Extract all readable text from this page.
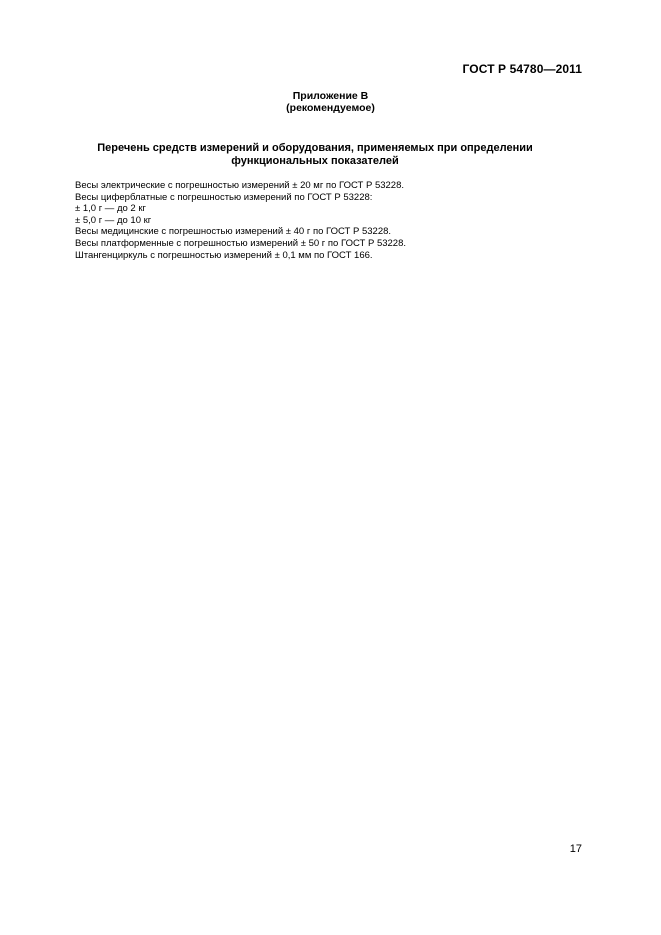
ГОСТ Р 54780—2011
Приложение В
(рекомендуемое)
Перечень средств измерений и оборудования, применяемых при определении
функциональных показателей
Весы электрические с погрешностью измерений ± 20 мг по ГОСТ Р 53228.
Весы циферблатные с погрешностью измерений по ГОСТ Р 53228:
± 1,0 г — до 2 кг
± 5,0 г — до 10 кг
Весы медицинские с погрешностью измерений ± 40 г по ГОСТ Р 53228.
Весы платформенные с погрешностью измерений ± 50 г по ГОСТ Р 53228.
Штангенциркуль с погрешностью измерений ± 0,1 мм по ГОСТ 166.
17
